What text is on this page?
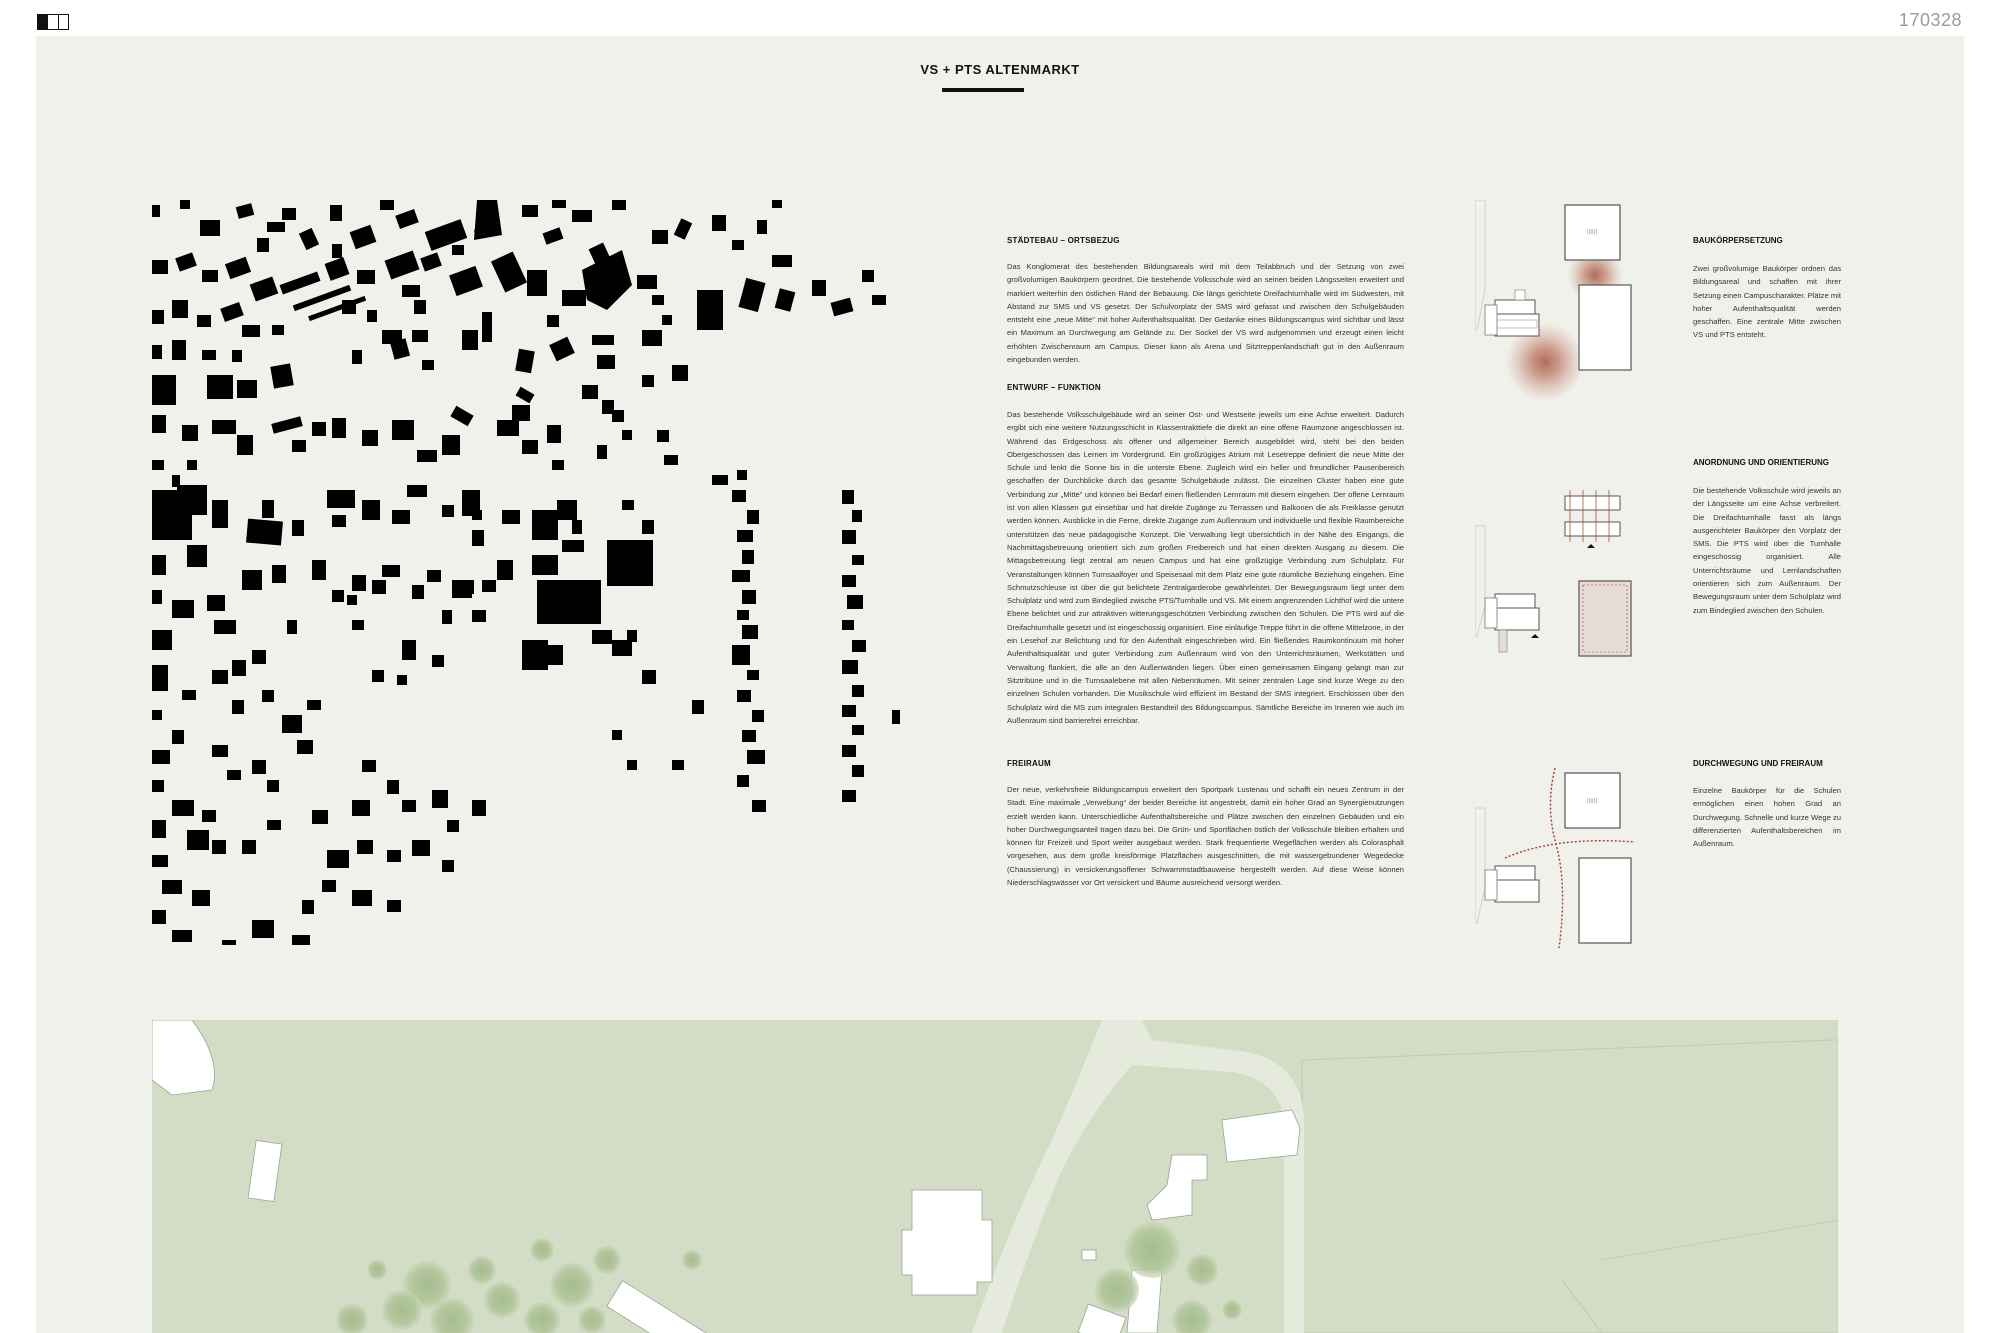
170328
VS + PTS ALTENMARKT
STÄDTEBAU – ORTSBEZUG
Das Konglomerat des bestehenden Bildungsareals wird mit dem Teilabbruch und der Setzung von zwei großvolumigen Baukörpern geordnet. Die bestehende Volksschule wird an seinen beiden Längsseiten erweitert und markiert weiterhin den östlichen Rand der Bebauung. Die längs gerichtete Dreifachturnhalle wird im Südwesten, mit Abstand zur SMS und VS gesetzt. Der Schulvorplatz der SMS wird gefasst und zwischen den Schulgebäuden entsteht eine „neue Mitte“ mit hoher Aufenthaltsqualität. Der Gedanke eines Bildungscampus wird sichtbar und lässt ein Maximum an Durchwegung am Gelände zu. Der Sockel der VS wird aufgenommen und erzeugt einen leicht erhöhten Zwischenraum am Campus. Dieser kann als Arena und Sitztreppenlandschaft gut in den Außenraum eingebunden werden.
ENTWURF – FUNKTION
Das bestehende Volksschulgebäude wird an seiner Ost- und Westseite jeweils um eine Achse erweitert. Dadurch ergibt sich eine weitere Nutzungsschicht in Klassentrakttiefe die direkt an eine offene Raumzone angeschlossen ist. Während das Erdgeschoss als offener und allgemeiner Bereich ausgebildet wird, steht bei den beiden Obergeschossen das Lernen im Vordergrund. Ein großzügiges Atrium mit Lesetreppe definiert die neue Mitte der Schule und lenkt die Sonne bis in die unterste Ebene. Zugleich wird ein heller und freundlicher Pausenbereich geschaffen der Durchblicke durch das gesamte Schulgebäude zulässt. Die einzelnen Cluster haben eine gute Verbindung zur „Mitte“ und können bei Bedarf einen fließenden Lernraum mit diesem eingehen. Der offene Lernraum ist von allen Klassen gut einsehbar und hat direkte Zugänge zu Terrassen und Balkonen die als Freiklasse genutzt werden können. Ausblicke in die Ferne, direkte Zugänge zum Außenraum und individuelle und flexible Raumbereiche unterstützen das neue pädagogische Konzept. Die Verwaltung liegt übersichtlich in der Nähe des Eingangs, die Nachmittagsbetreuung orientiert sich zum großen Freibereich und hat einen direkten Ausgang zu diesem. Die Mittagsbetreuung liegt zentral am neuen Campus und hat eine großzügige Verbindung zum Schulplatz. Für Veranstaltungen können Turnsaalfoyer und Speisesaal mit dem Platz eine gute räumliche Beziehung eingehen. Eine Schmutzschleuse ist über die gut belichtete Zentralgarderobe gewährleistet. Der Bewegungsraum liegt unter dem Schulplatz und wird zum Bindeglied zwische PTS/Turnhalle und VS. Mit einem angrenzenden Lichthof wird die untere Ebene belichtet und zur attraktiven witterungsgeschützten Verbindung zwischen den Schulen. Die PTS wird auf die Dreifachturnhalle gesetzt und ist eingeschossig organisiert. Eine einläufige Treppe führt in die offene Mittelzone, in der ein Lesehof zur Belichtung und für den Aufenthalt eingeschrieben wird. Ein fließendes Raumkontinuum mit hoher Aufenthaltsqualität und guter Verbindung zum Außenraum wird von den Unterrichtsräumen, Werkstätten und Verwaltung flankiert, die alle an den Außenwänden liegen. Über einen gemeinsamen Eingang gelangt man zur Sitztribüne und in die Turnsaalebene mit allen Nebenräumen. Mit seiner zentralen Lage sind kurze Wege zu den einzelnen Schulen vorhanden. Die Musikschule wird effizient im Bestand der SMS integriert. Erschlossen über den Schulplatz wird die MS zum integralen Bestandteil des Bildungscampus. Sämtliche Bereiche im Inneren wie auch im Außenraum sind barrierefrei erreichbar.
FREIRAUM
Der neue, verkehrsfreie Bildungscampus erweitert den Sportpark Lustenau und schafft ein neues Zentrum in der Stadt. Eine maximale „Verwebung“ der beider Bereiche ist angestrebt, damit ein hoher Grad an Synergienutzungen erzielt werden kann. Unterschiedliche Aufenthaltsbereiche und Plätze zwischen den einzelnen Gebäuden und ein hoher Durchwegungsanteil tragen dazu bei. Die Grün- und Sportflächen östlich der Volksschule bleiben erhalten und können für Freizeit und Sport weiter ausgebaut werden. Stark frequentierte Wegeflächen werden als Colorasphalt vorgesehen, aus dem große kreisförmige Platzflächen ausgeschnitten, die mit wassergebundener Wegedecke (Chaussierung) in versickerungsoffener Schwammstadtbauweise hergestellt werden. Auf diese Weise können Niederschlagswässer vor Ort versickert und Bäume ausreichend versorgt werden.
||||||
BAUKÖRPERSETZUNG
Zwei großvolumige Baukörper ordnen das Bildungsareal und schaffen mit ihrer Setzung einen Campuscharakter. Plätze mit hoher Aufenthaltsqualität werden geschaffen. Eine zentrale Mitte zwischen VS und PTS entsteht.
ANORDNUNG UND ORIENTIERUNG
Die bestehende Volksschule wird jeweils an der Längsseite um eine Achse verbreitert. Die Dreifachturnhalle fasst als längs ausgerichteter Baukörper den Vorplatz der SMS. Die PTS wird über die Turnhalle eingeschossig organisiert. Alle Unterrichtsräume und Lernlandschaften orientieren sich zum Außenraum. Der Bewegungsraum unter dem Schulplatz wird zum Bindeglied zwischen den Schulen.
||||||
DURCHWEGUNG UND FREIRAUM
Einzelne Baukörper für die Schulen ermöglichen einen hohen Grad an Durchwegung. Schnelle und kurze Wege zu differenzierten Aufenthaltsbereichen im Außenraum.
